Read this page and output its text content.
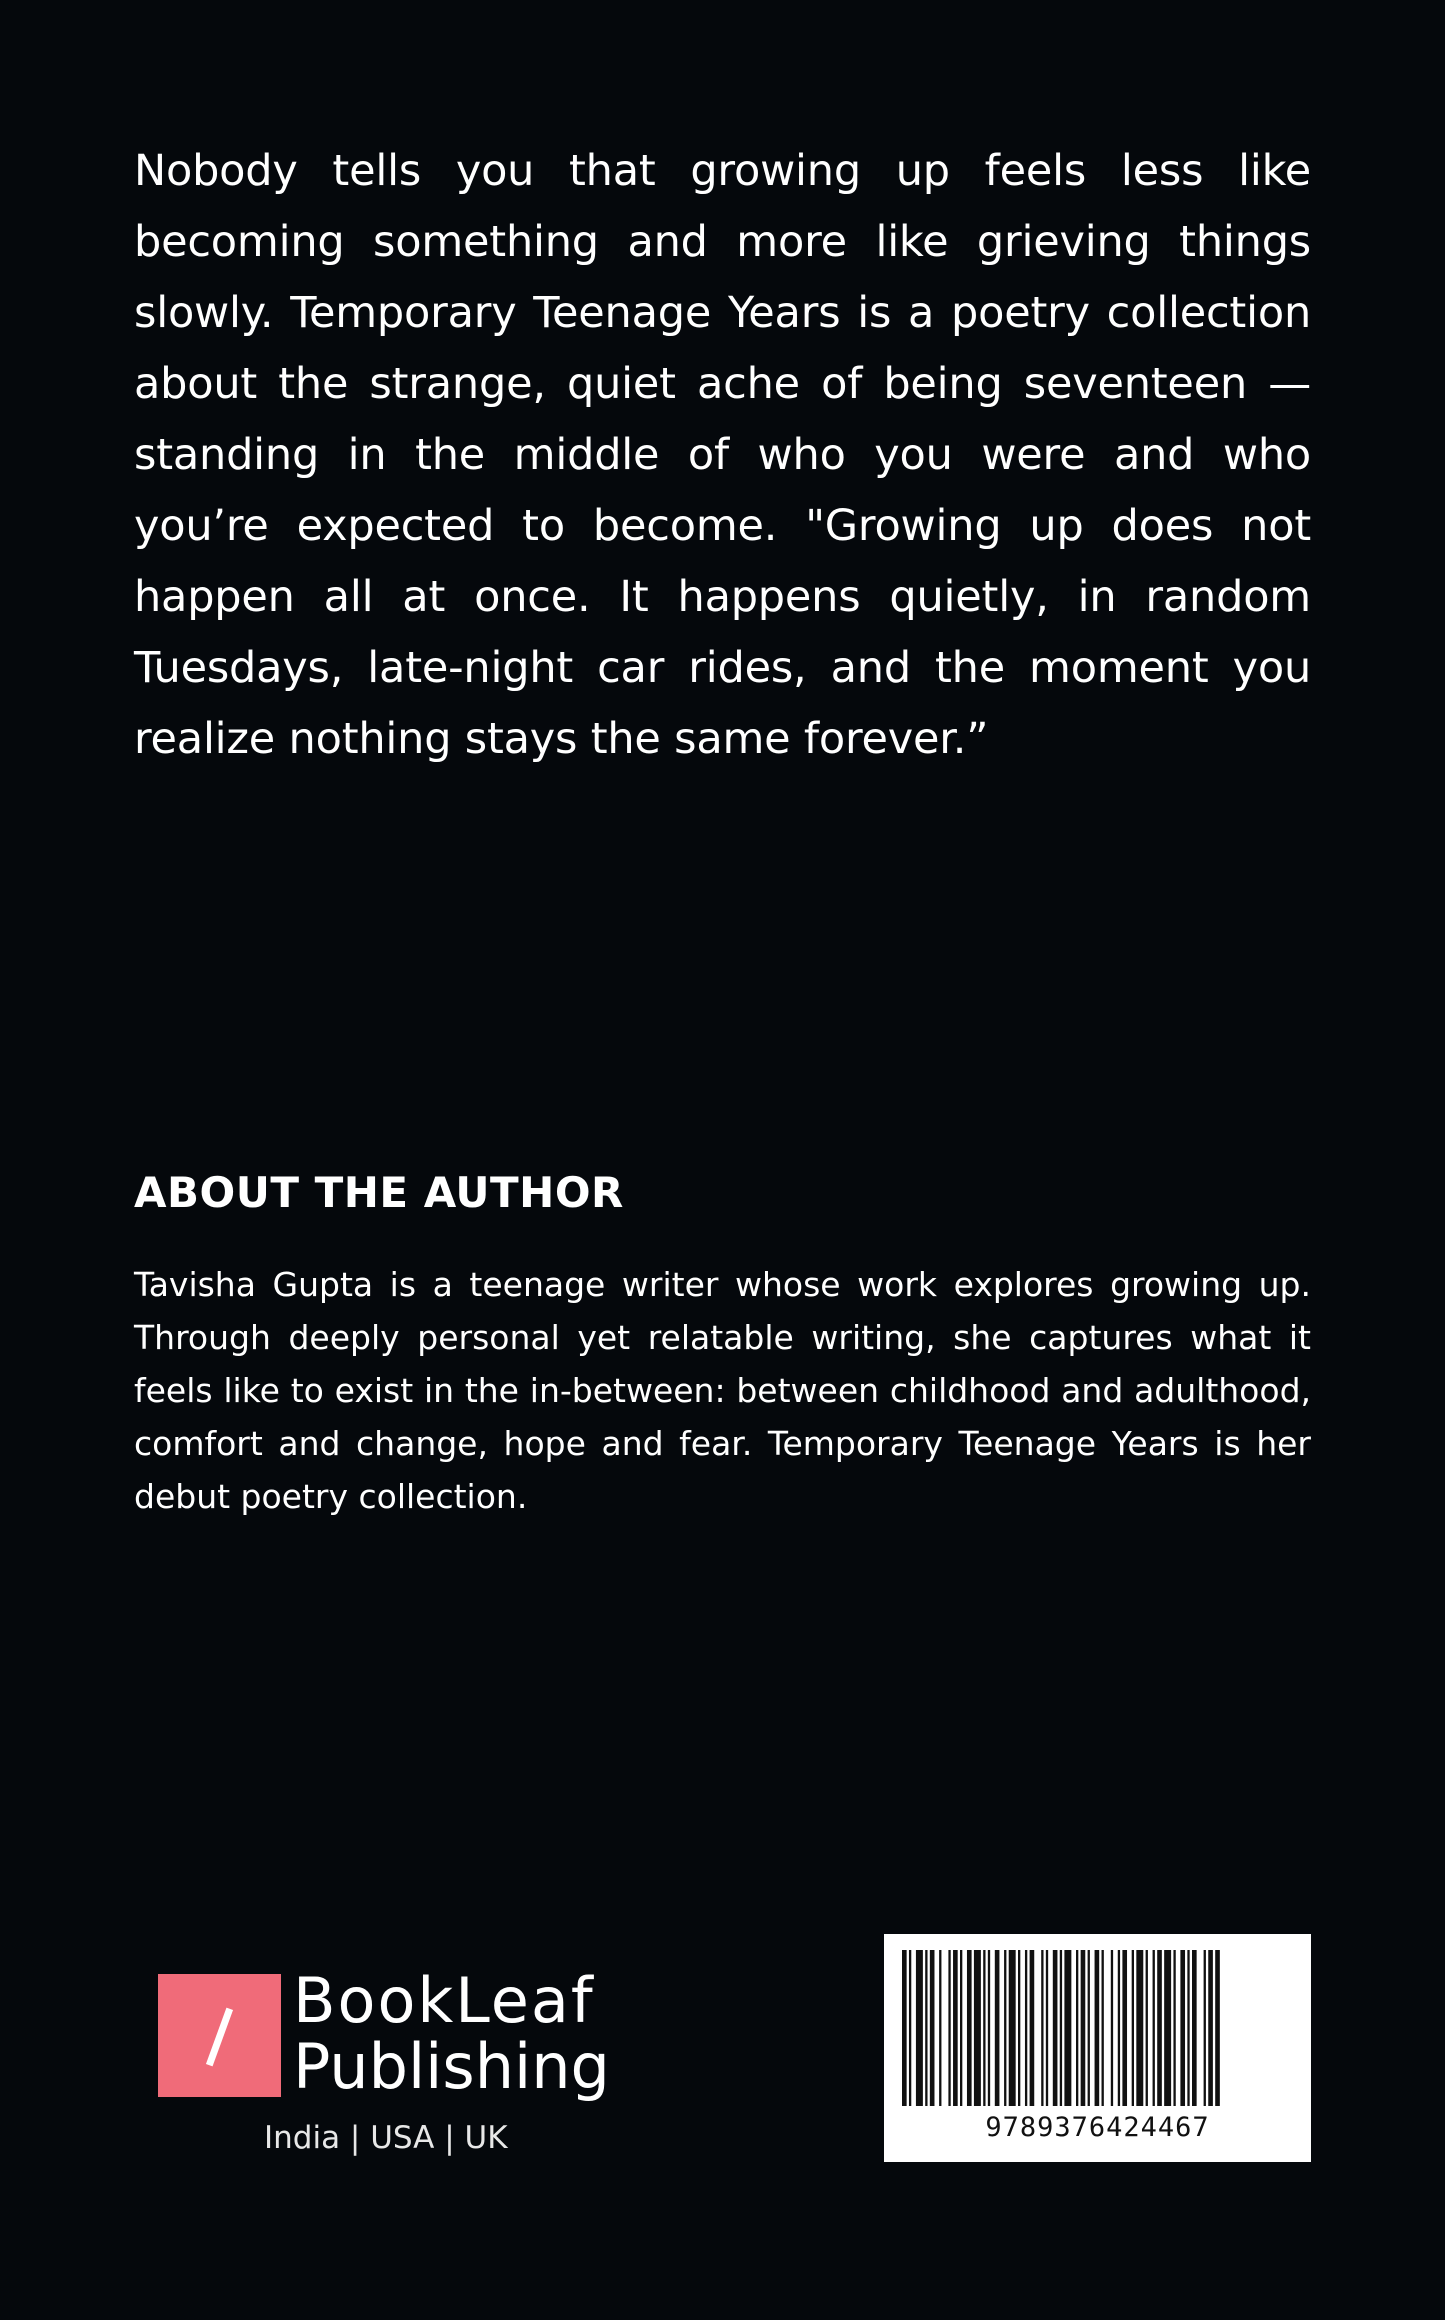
Nobody tells you that growing up feels less like becoming something and more like grieving things slowly. Temporary Teenage Years is a poetry collection about the strange, quiet ache of being seventeen — standing in the middle of who you were and who you’re expected to become. "Growing up does not happen all at once. It happens quietly, in random Tuesdays, late-night car rides, and the moment you realize nothing stays the same forever.”

ABOUT THE AUTHOR

Tavisha Gupta is a teenage writer whose work explores growing up. Through deeply personal yet relatable writing, she captures what it feels like to exist in the in-between: between childhood and adulthood, comfort and change, hope and fear. Temporary Teenage Years is her debut poetry collection.

BookLeaf
Publishing
India | USA | UK	9789376424467
